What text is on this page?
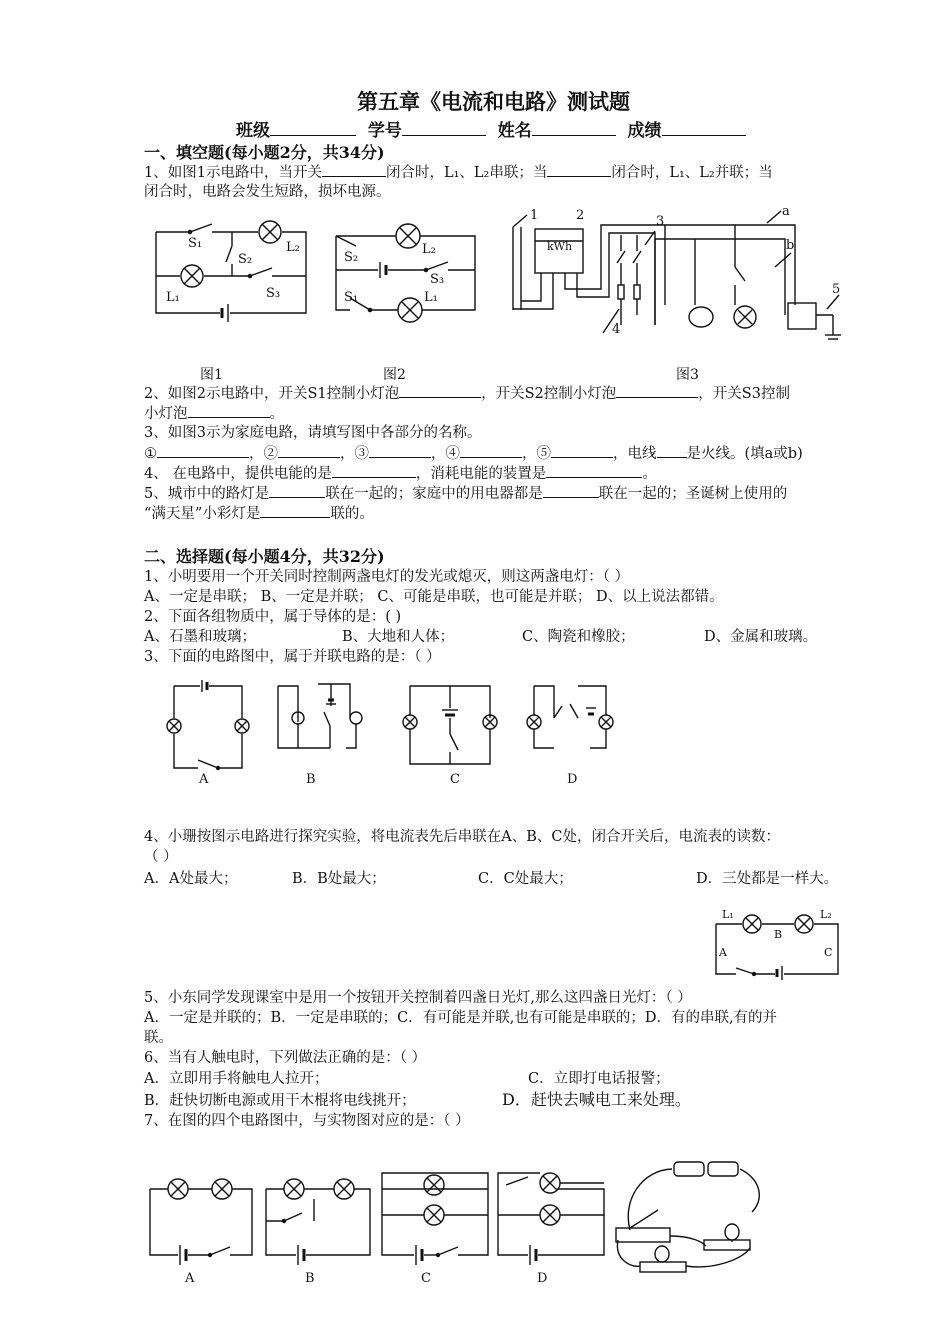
第五章《电流和电路》测试题
班级	学号	姓名	成绩
一、填空题(每小题2分，共34分)
1、如图1示电路中，当开关	闭合时，L₁、L₂串联；当	闭合时，L₁、L₂并联；当
闭合时，电路会发生短路，损坏电源。
S₁	L₂
S₂
L₁	S₃
L₂
S₂
S₃
S₁	L₁
1	2	3
a
b
kWh
4
5
图1	图2	图3
2、如图2示电路中，开关S1控制小灯泡	，开关S2控制小灯泡	，开关S3控制
小灯泡	。
3、如图3示为家庭电路，请填写图中各部分的名称。
①	，②	，③	，④	，⑤	，电线 是火线。(填a或b)
4、 在电路中，提供电能的是	，消耗电能的装置是	。
5、城市中的路灯是	联在一起的；家庭中的用电器都是	联在一起的；圣诞树上使用的
“满天星”小彩灯是	联的。
二、选择题(每小题4分，共32分)
1、小明要用一个开关同时控制两盏电灯的发光或熄灭，则这两盏电灯：（ ）
A、一定是串联； B、一定是并联； C、可能是串联，也可能是并联； D、以上说法都错。
2、下面各组物质中，属于导体的是：( )
A、石墨和玻璃；	B、大地和人体；	C、陶瓷和橡胶；	D、金属和玻璃。
3、下面的电路图中，属于并联电路的是：（ ）
A	B	C	D
4、小珊按图示电路进行探究实验，将电流表先后串联在A、B、C处，闭合开关后，电流表的读数：
（ ）
A．A处最大；	B．B处最大；	C．C处最大；	D．三处都是一样大。
L₁	L₂
A
B
C
5、小东同学发现课室中是用一个按钮开关控制着四盏日光灯,那么这四盏日光灯：（ ）
A．一定是并联的；B．一定是串联的；C．有可能是并联,也有可能是串联的；D．有的串联,有的并
联。
6、当有人触电时，下列做法正确的是：（ ）
A．立即用手将触电人拉开；	C．立即打电话报警；
B．赶快切断电源或用干木棍将电线挑开；	D．赶快去喊电工来处理。
7、在图的四个电路图中，与实物图对应的是：（ ）
A	B	C	D
